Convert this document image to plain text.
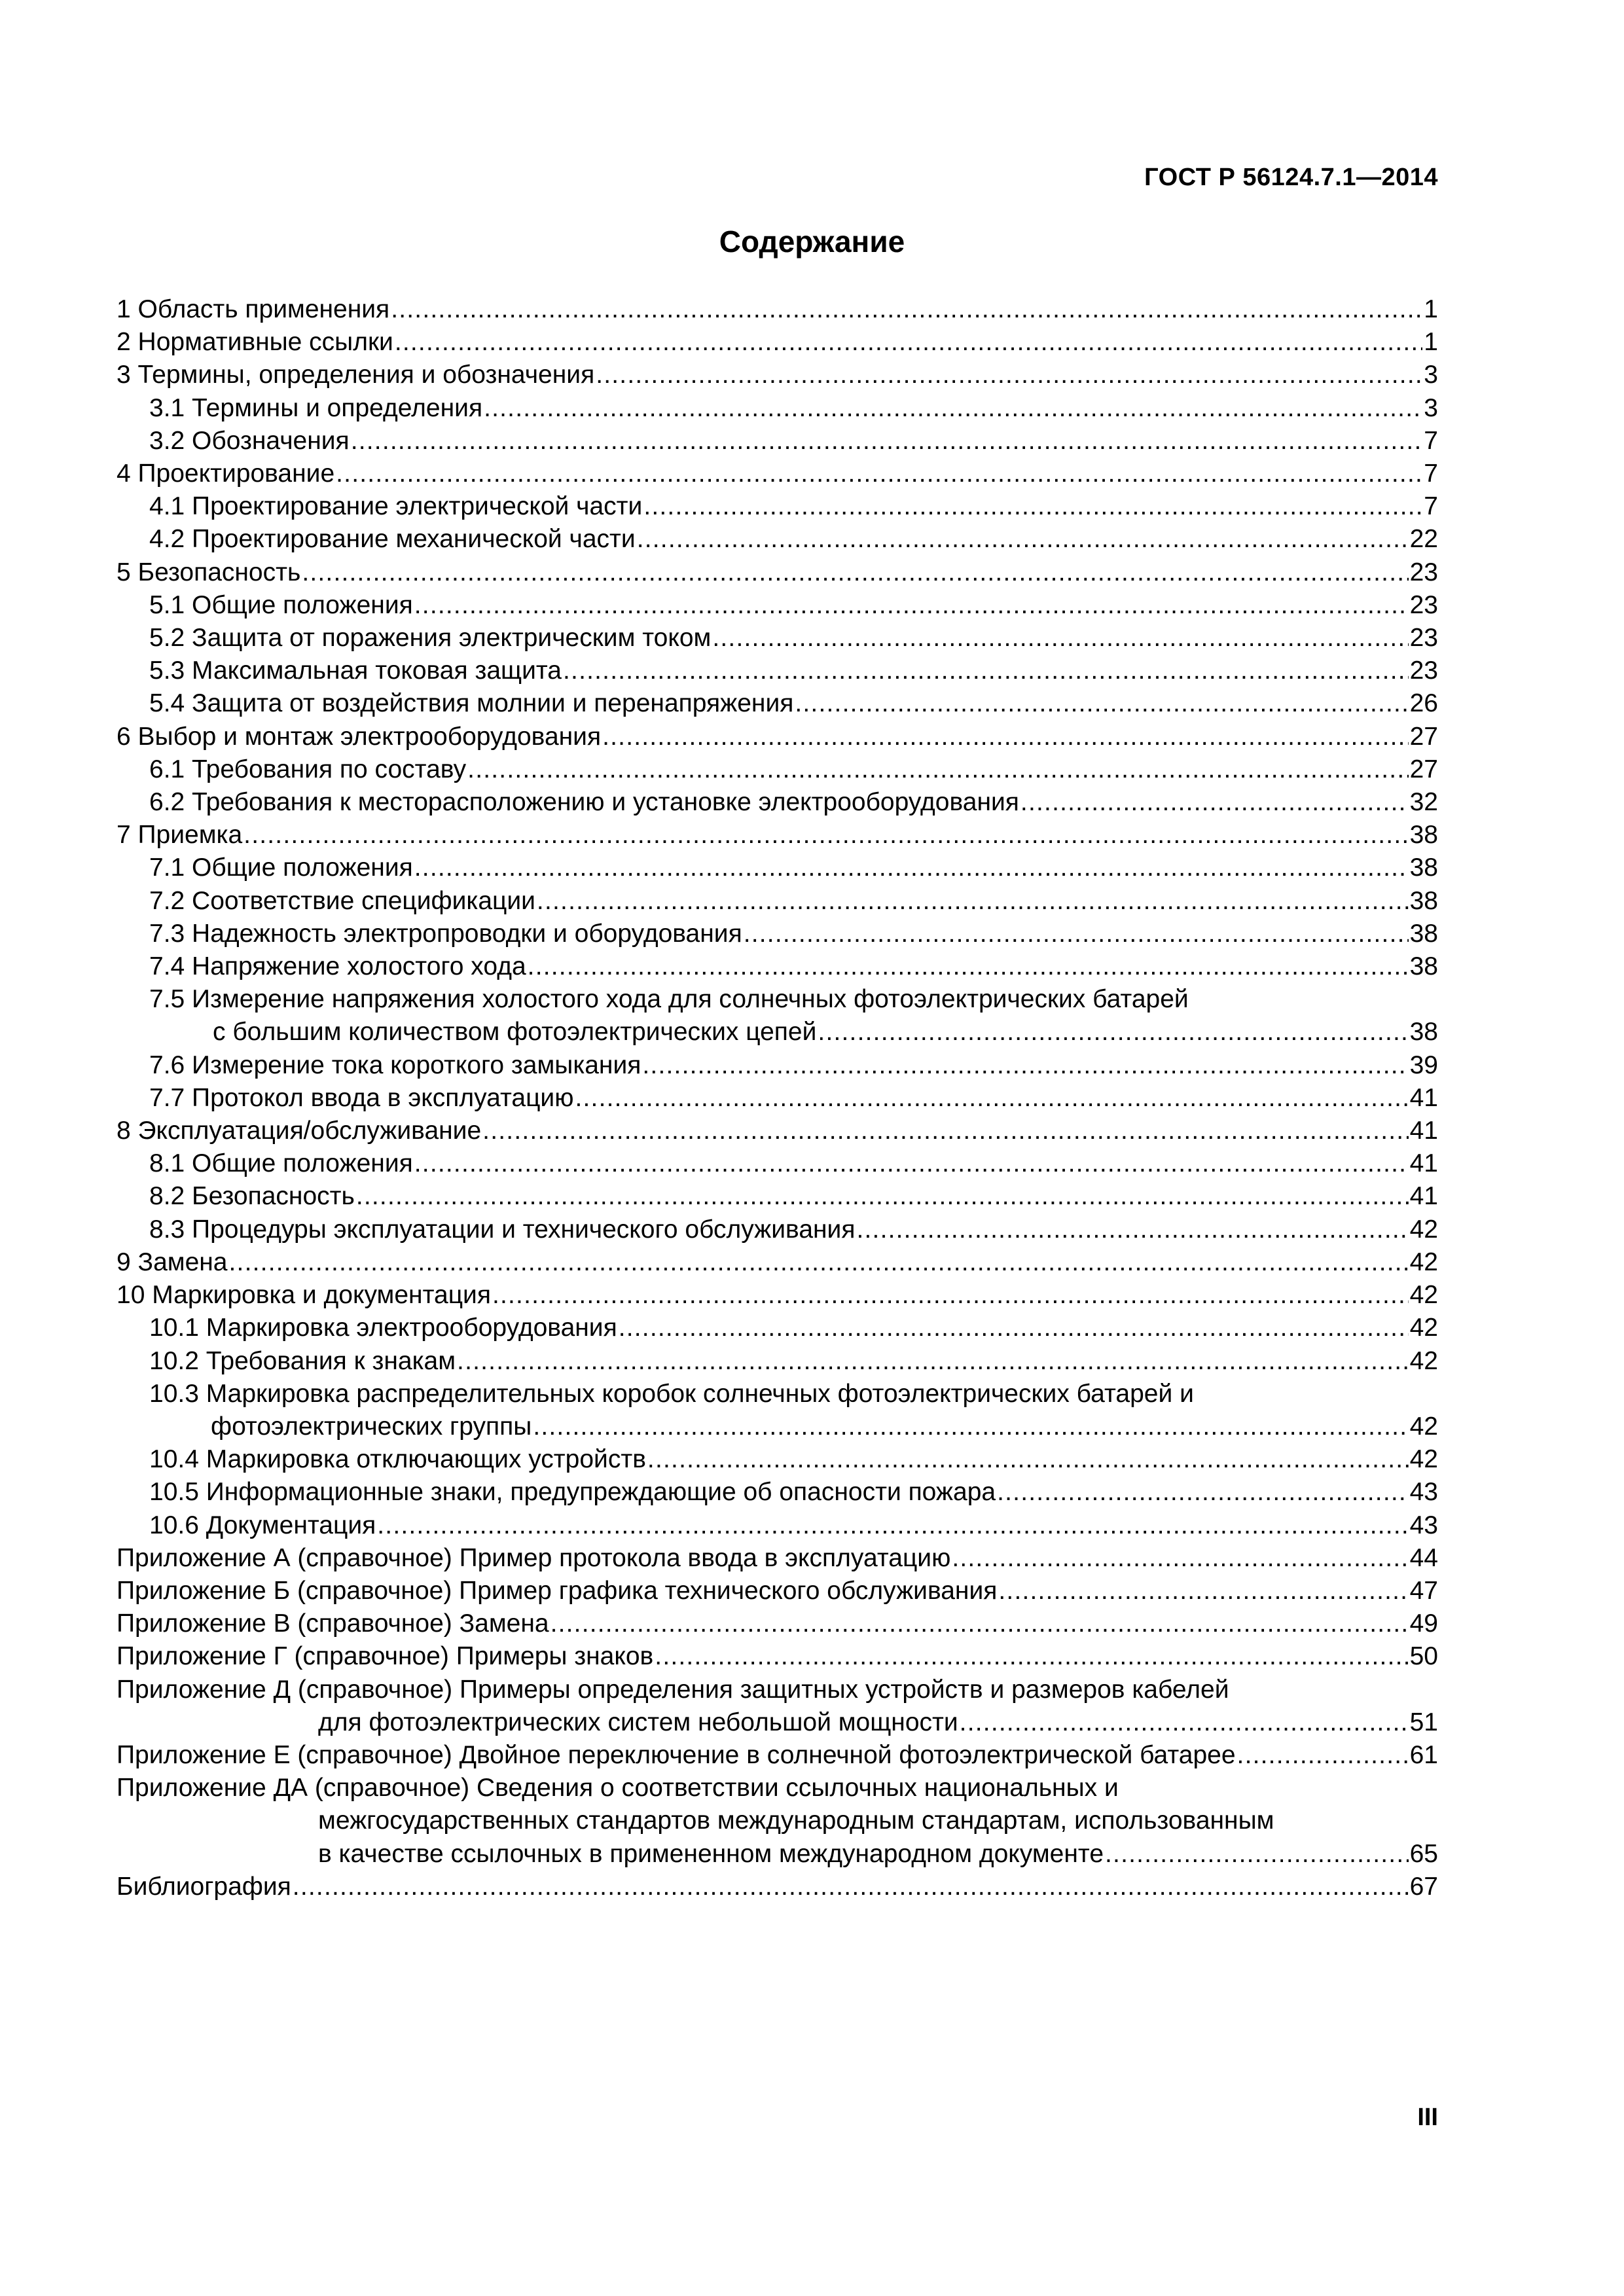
ГОСТ Р 56124.7.1—2014
Содержание
1 Область применения .....	1
2 Нормативные ссылки .....	1
3 Термины, определения и обозначения .....	3
3.1 Термины и определения .....	3
3.2 Обозначения .....	7
4 Проектирование .....	7
4.1 Проектирование электрической части .....	7
4.2 Проектирование механической части .....	22
5 Безопасность .....	23
5.1 Общие положения .....	23
5.2 Защита от поражения электрическим током .....	23
5.3 Максимальная токовая защита .....	23
5.4 Защита от воздействия молнии и перенапряжения .....	26
6 Выбор и монтаж электрооборудования .....	27
6.1 Требования по составу .....	27
6.2 Требования к месторасположению и установке электрооборудования .....	32
7 Приемка .....	38
7.1 Общие положения .....	38
7.2 Соответствие спецификации .....	38
7.3 Надежность электропроводки и оборудования .....	38
7.4 Напряжение холостого хода .....	38
7.5 Измерение напряжения холостого хода для солнечных фотоэлектрических батарей
с большим количеством фотоэлектрических цепей .....	38
7.6 Измерение тока короткого замыкания .....	39
7.7 Протокол ввода в эксплуатацию .....	41
8 Эксплуатация/обслуживание .....	41
8.1 Общие положения .....	41
8.2 Безопасность .....	41
8.3 Процедуры эксплуатации и технического обслуживания .....	42
9 Замена .....	42
10 Маркировка и документация .....	42
10.1 Маркировка электрооборудования .....	42
10.2 Требования к знакам .....	42
10.3 Маркировка распределительных коробок солнечных фотоэлектрических батарей и
фотоэлектрических группы .....	42
10.4 Маркировка отключающих устройств .....	42
10.5 Информационные знаки, предупреждающие об опасности пожара .....	43
10.6 Документация .....	43
Приложение А (справочное) Пример протокола ввода в эксплуатацию .....	44
Приложение Б (справочное) Пример графика технического обслуживания .....	47
Приложение В (справочное) Замена .....	49
Приложение Г (справочное) Примеры знаков .....	50
Приложение Д (справочное) Примеры определения защитных устройств и размеров кабелей
для фотоэлектрических систем небольшой мощности .....	51
Приложение Е (справочное) Двойное переключение в солнечной фотоэлектрической батарее .....	61
Приложение ДА (справочное) Сведения о соответствии ссылочных национальных и
межгосударственных стандартов международным стандартам, использованным
в качестве ссылочных в примененном международном документе .....	65
Библиография .....	67
III
